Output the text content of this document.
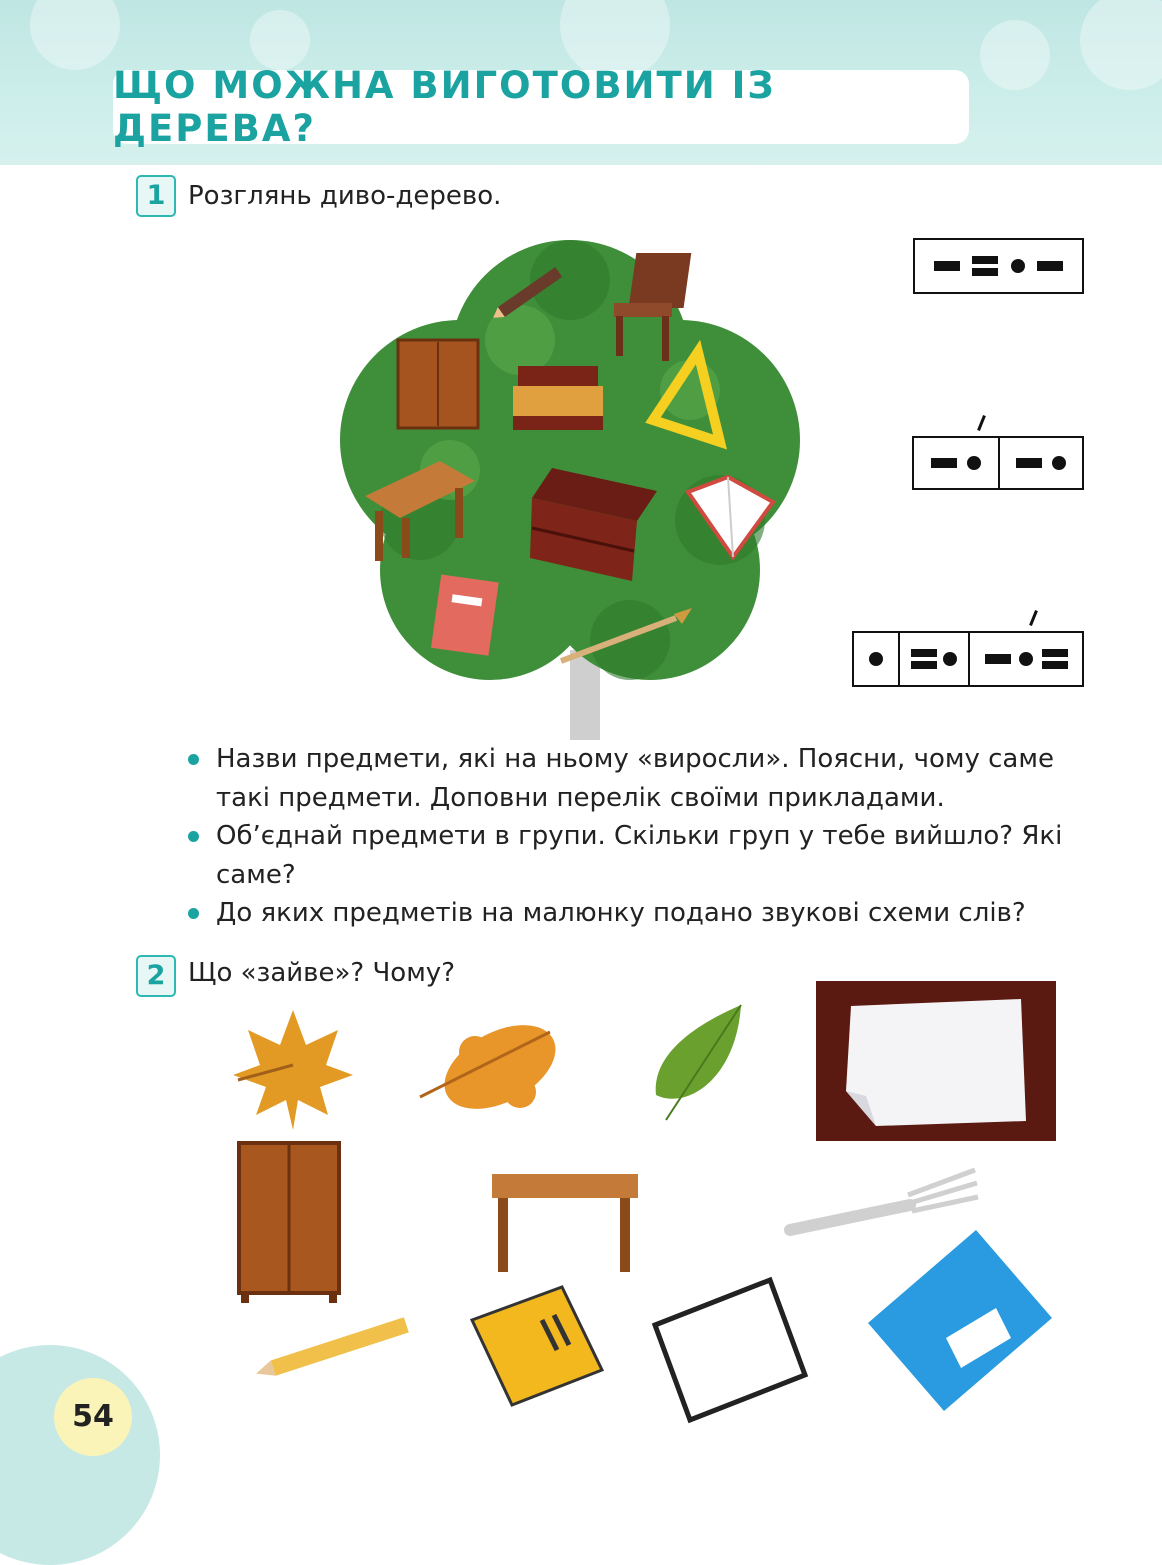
ЩО МОЖНА ВИГОТОВИТИ ІЗ ДЕРЕВА?
1 Розглянь диво-дерево.
Назви предмети, які на ньому «виросли». Поясни, чому саме такі предмети. Доповни перелік своїми прикладами.
Об’єднай предмети в групи. Скільки груп у тебе вийшло? Які саме?
До яких предметів на малюнку подано звукові схеми слів?
2 Що «зайве»? Чому?
54
